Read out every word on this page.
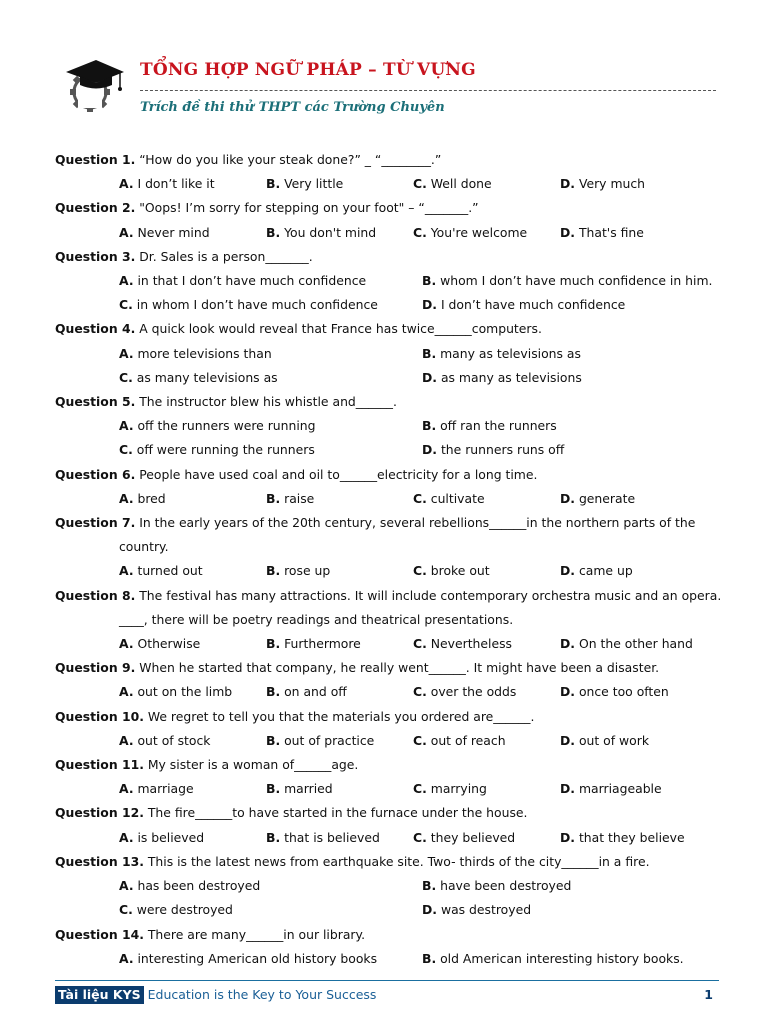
TỔNG HỢP NGỮ PHÁP – TỪ VỰNG
Trích đề thi thử THPT các Trường Chuyên
Question 1. “How do you like your steak done?” _ “________.”
A. I don’t like it	B. Very little	C. Well done	D. Very much
Question 2. "Oops! I’m sorry for stepping on your foot" – “_______.”
A. Never mind	B. You don't mind	C. You're welcome	D. That's fine
Question 3. Dr. Sales is a person_______.
A. in that I don’t have much confidence	B. whom I don’t have much confidence in him.
C. in whom I don’t have much confidence	D. I don’t have much confidence
Question 4. A quick look would reveal that France has twice______computers.
A. more televisions than	B. many as televisions as
C. as many televisions as	D. as many as televisions
Question 5. The instructor blew his whistle and______.
A. off the runners were running	B. off ran the runners
C. off were running the runners	D. the runners runs off
Question 6. People have used coal and oil to______electricity for a long time.
A. bred	B. raise	C. cultivate	D. generate
Question 7. In the early years of the 20th century, several rebellions______in the northern parts of the
country.
A. turned out	B. rose up	C. broke out	D. came up
Question 8. The festival has many attractions. It will include contemporary orchestra music and an opera.
____, there will be poetry readings and theatrical presentations.
A. Otherwise	B. Furthermore	C. Nevertheless	D. On the other hand
Question 9. When he started that company, he really went______. It might have been a disaster.
A. out on the limb	B. on and off	C. over the odds	D. once too often
Question 10. We regret to tell you that the materials you ordered are______.
A. out of stock	B. out of practice	C. out of reach	D. out of work
Question 11. My sister is a woman of______age.
A. marriage	B. married	C. marrying	D. marriageable
Question 12. The fire______to have started in the furnace under the house.
A. is believed	B. that is believed	C. they believed	D. that they believe
Question 13. This is the latest news from earthquake site. Two- thirds of the city______in a fire.
A. has been destroyed	B. have been destroyed
C. were destroyed	D. was destroyed
Question 14. There are many______in our library.
A. interesting American old history books	B. old American interesting history books.
Tài liệu KYS Education is the Key to Your Success	1
